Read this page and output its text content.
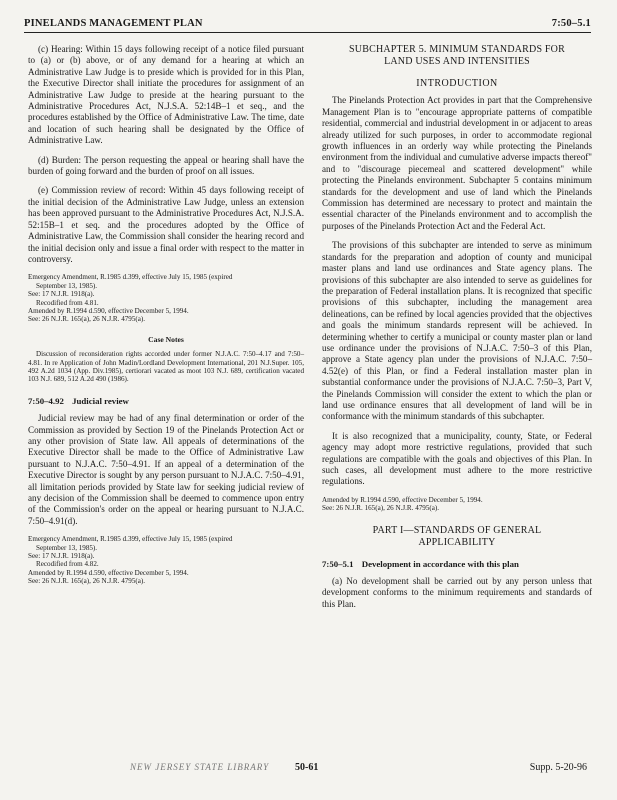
PINELANDS MANAGEMENT PLAN	7:50–5.1

(c) Hearing: Within 15 days following receipt of a notice filed pursuant to (a) or (b) above, or of any demand for a hearing at which an Administrative Law Judge is to preside which is provided for in this Plan, the Executive Director shall initiate the procedures for assignment of an Administrative Law Judge to preside at the hearing pursuant to the Administrative Procedures Act, N.J.S.A. 52:14B–1 et seq., and the procedures established by the Office of Administrative Law. The time, date and location of such hearing shall be designated by the Office of Administrative Law.

(d) Burden: The person requesting the appeal or hearing shall have the burden of going forward and the burden of proof on all issues.

(e) Commission review of record: Within 45 days following receipt of the initial decision of the Administrative Law Judge, unless an extension has been approved pursuant to the Administrative Procedures Act, N.J.S.A. 52:15B–1 et seq. and the procedures adopted by the Office of Administrative Law, the Commission shall consider the hearing record and the initial decision only and issue a final order with respect to the matter in controversy.

Emergency Amendment, R.1985 d.399, effective July 15, 1985 (expired
September 13, 1985).
See: 17 N.J.R. 1918(a).
Recodified from 4.81.
Amended by R.1994 d.590, effective December 5, 1994.
See: 26 N.J.R. 165(a), 26 N.J.R. 4795(a).
Case Notes
Discussion of reconsideration rights accorded under former N.J.A.C. 7:50–4.17 and 7:50–4.81. In re Application of John Madin/Lordland Development International, 201 N.J.Super. 105, 492 A.2d 1034 (App. Div.1985), certiorari vacated as moot 103 N.J. 689, certification vacated 103 N.J. 689, 512 A.2d 490 (1986).
7:50–4.92 Judicial review

Judicial review may be had of any final determination or order of the Commission as provided by Section 19 of the Pinelands Protection Act or any other provision of State law. All appeals of determinations of the Executive Director shall be made to the Office of Administrative Law pursuant to N.J.A.C. 7:50–4.91. If an appeal of a determination of the Executive Director is sought by any person pursuant to N.J.A.C. 7:50–4.91, all limitation periods provided by State law for seeking judicial review of any decision of the Commission shall be deemed to commence upon entry of the Commission's order on the appeal or hearing pursuant to N.J.A.C. 7:50–4.91(d).

Emergency Amendment, R.1985 d.399, effective July 15, 1985 (expired
September 13, 1985).
See: 17 N.J.R. 1918(a).
Recodified from 4.82.
Amended by R.1994 d.590, effective December 5, 1994.
See: 26 N.J.R. 165(a), 26 N.J.R. 4795(a).
SUBCHAPTER 5. MINIMUM STANDARDS FOR
LAND USES AND INTENSITIES
INTRODUCTION

The Pinelands Protection Act provides in part that the Comprehensive Management Plan is to "encourage appropriate patterns of compatible residential, commercial and industrial development in or adjacent to areas already utilized for such purposes, in order to accommodate regional growth influences in an orderly way while protecting the Pinelands environment from the individual and cumulative adverse impacts thereof" and to "discourage piecemeal and scattered development" while protecting the Pinelands environment. Subchapter 5 contains minimum standards for the development and use of land which the Pinelands Commission has determined are necessary to protect and maintain the essential character of the Pinelands environment and to accomplish the purposes of the Pinelands Protection Act and the Federal Act.

The provisions of this subchapter are intended to serve as minimum standards for the preparation and adoption of county and municipal master plans and land use ordinances and State agency plans. The provisions of this subchapter are also intended to serve as guidelines for the preparation of Federal installation plans. It is recognized that specific provisions of this subchapter, including the management area delineations, can be refined by local agencies provided that the objectives and goals the minimum standards represent will be achieved. In determining whether to certify a municipal or county master plan or land use ordinance under the provisions of N.J.A.C. 7:50–3 of this Plan, approve a State agency plan under the provisions of N.J.A.C. 7:50–4.52(e) of this Plan, or find a Federal installation master plan in substantial conformance under the provisions of N.J.A.C. 7:50–3, Part V, the Pinelands Commission will consider the extent to which the plan or land use ordinance ensures that all development of land will be in conformance with the minimum standards of this subchapter.

It is also recognized that a municipality, county, State, or Federal agency may adopt more restrictive regulations, provided that such regulations are compatible with the goals and objectives of this Plan. In such cases, all development must adhere to the more restrictive regulations.

Amended by R.1994 d.590, effective December 5, 1994.
See: 26 N.J.R. 165(a), 26 N.J.R. 4795(a).
PART I—STANDARDS OF GENERAL
APPLICABILITY
7:50–5.1 Development in accordance with this plan

(a) No development shall be carried out by any person unless that development conforms to the minimum requirements and standards of this Plan.

NEW JERSEY STATE LIBRARY	50-61	Supp. 5-20-96
